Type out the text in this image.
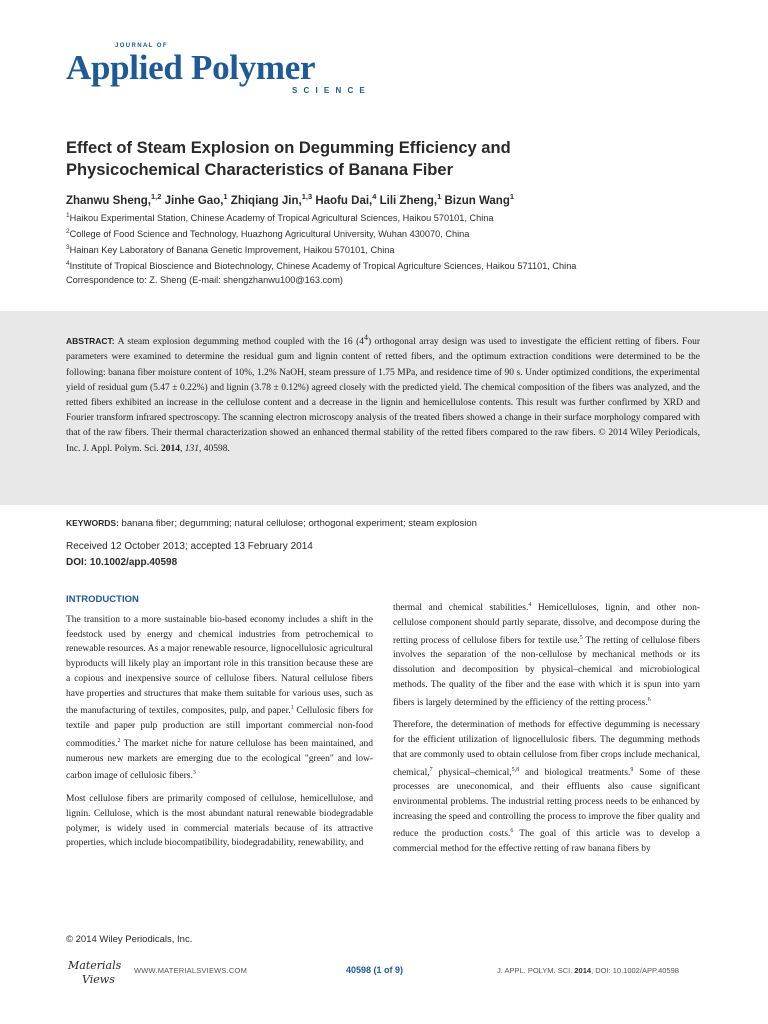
JOURNAL OF
Applied Polymer
SCIENCE
Effect of Steam Explosion on Degumming Efficiency and Physicochemical Characteristics of Banana Fiber
Zhanwu Sheng,$^{1,2}$ Jinhe Gao,$^1$ Zhiqiang Jin,$^{1,3}$ Haofu Dai,$^4$ Lili Zheng,$^1$ Bizun Wang$^1$
$^1$Haikou Experimental Station, Chinese Academy of Tropical Agricultural Sciences, Haikou 570101, China
$^2$College of Food Science and Technology, Huazhong Agricultural University, Wuhan 430070, China
$^3$Hainan Key Laboratory of Banana Genetic Improvement, Haikou 570101, China
$^4$Institute of Tropical Bioscience and Biotechnology, Chinese Academy of Tropical Agriculture Sciences, Haikou 571101, China
Correspondence to: Z. Sheng (E-mail: shengzhanwu100@163.com)
ABSTRACT: A steam explosion degumming method coupled with the 16 $(4^4)$ orthogonal array design was used to investigate the efficient retting of fibers. Four parameters were examined to determine the residual gum and lignin content of retted fibers, and the optimum extraction conditions were determined to be the following: banana fiber moisture content of 10%, 1.2% NaOH, steam pressure of 1.75 MPa, and residence time of 90 s. Under optimized conditions, the experimental yield of residual gum (5.47 ± 0.22%) and lignin (3.78 ± 0.12%) agreed closely with the predicted yield. The chemical composition of the fibers was analyzed, and the retted fibers exhibited an increase in the cellulose content and a decrease in the lignin and hemicellulose contents. This result was further confirmed by XRD and Fourier transform infrared spectroscopy. The scanning electron microscopy analysis of the treated fibers showed a change in their surface morphology compared with that of the raw fibers. Their thermal characterization showed an enhanced thermal stability of the retted fibers compared to the raw fibers. © 2014 Wiley Periodicals, Inc. J. Appl. Polym. Sci. 2014, 131, 40598.
KEYWORDS: banana fiber; degumming; natural cellulose; orthogonal experiment; steam explosion
Received 12 October 2013; accepted 13 February 2014
DOI: 10.1002/app.40598
INTRODUCTION

The transition to a more sustainable bio-based economy includes a shift in the feedstock used by energy and chemical industries from petrochemical to renewable resources. As a major renewable resource, lignocellulosic agricultural byproducts will likely play an important role in this transition because these are a copious and inexpensive source of cellulose fibers. Natural cellulose fibers have properties and structures that make them suitable for various uses, such as the manufacturing of textiles, composites, pulp, and paper.$^1$ Cellulosic fibers for textile and paper pulp production are still important commercial non-food commodities.$^2$ The market niche for nature cellulose has been maintained, and numerous new markets are emerging due to the ecological "green" and low-carbon image of cellulosic fibers.$^3$

Most cellulose fibers are primarily composed of cellulose, hemicellulose, and lignin. Cellulose, which is the most abundant natural renewable biodegradable polymer, is widely used in commercial materials because of its attractive properties, which include biocompatibility, biodegradability, renewability, and

thermal and chemical stabilities.$^4$ Hemicelluloses, lignin, and other non-cellulose component should partly separate, dissolve, and decompose during the retting process of cellulose fibers for textile use.$^5$ The retting of cellulose fibers involves the separation of the non-cellulose by mechanical methods or its dissolution and decomposition by physical–chemical and microbiological methods. The quality of the fiber and the ease with which it is spun into yarn fibers is largely determined by the efficiency of the retting process.$^6$

Therefore, the determination of methods for effective degumming is necessary for the efficient utilization of lignocellulosic fibers. The degumming methods that are commonly used to obtain cellulose from fiber crops include mechanical, chemical,$^7$ physical–chemical,$^{5,8}$ and biological treatments.$^9$ Some of these processes are uneconomical, and their effluents also cause significant environmental problems. The industrial retting process needs to be enhanced by increasing the speed and controlling the process to improve the fiber quality and reduce the production costs.$^6$ The goal of this article was to develop a commercial method for the effective retting of raw banana fibers by

© 2014 Wiley Periodicals, Inc.
Materials
Views
WWW.MATERIALSVIEWS.COM	40598 (1 of 9)	J. APPL. POLYM. SCI. 2014, DOI: 10.1002/APP.40598
